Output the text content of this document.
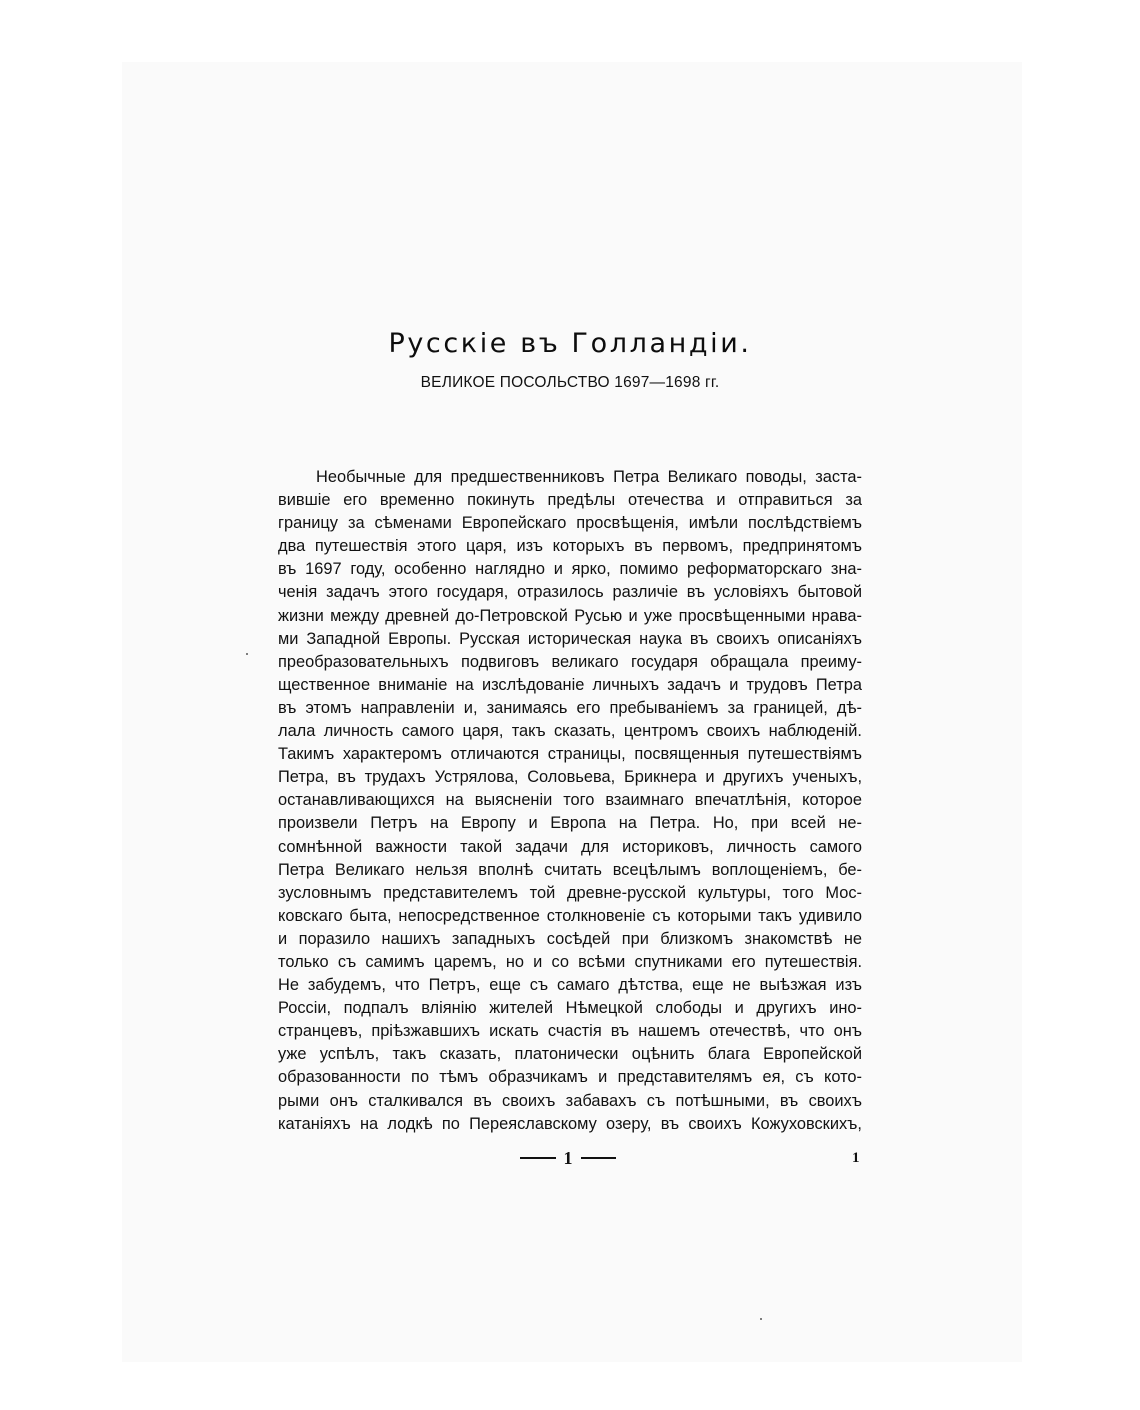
Русскіе въ Голландіи.
ВЕЛИКОЕ ПОСОЛЬСТВО 1697—1698 гг.
Необычные для предшественниковъ Петра Великаго поводы, заста-
вившіе его временно покинуть предѣлы отечества и отправиться за
границу за сѣменами Европейскаго просвѣщенія, имѣли послѣдствіемъ
два путешествія этого царя, изъ которыхъ въ первомъ, предпринятомъ
въ 1697 году, особенно наглядно и ярко, помимо реформаторскаго зна-
ченія задачъ этого государя, отразилось различіе въ условіяхъ бытовой
жизни между древней до-Петровской Русью и уже просвѣщенными нрава-
ми Западной Европы. Русская историческая наука въ своихъ описаніяхъ
преобразовательныхъ подвиговъ великаго государя обращала преиму-
щественное вниманіе на изслѣдованіе личныхъ задачъ и трудовъ Петра
въ этомъ направленіи и, занимаясь его пребываніемъ за границей, дѣ-
лала личность самого царя, такъ сказать, центромъ своихъ наблюденій.
Такимъ характеромъ отличаются страницы, посвященныя путешествіямъ
Петра, въ трудахъ Устрялова, Соловьева, Брикнера и другихъ ученыхъ,
останавливающихся на выясненіи того взаимнаго впечатлѣнія, которое
произвели Петръ на Европу и Европа на Петра. Но, при всей не-
сомнѣнной важности такой задачи для историковъ, личность самого
Петра Великаго нельзя вполнѣ считать всецѣлымъ воплощеніемъ, бе-
зусловнымъ представителемъ той древне-русской культуры, того Мос-
ковскаго быта, непосредственное столкновеніе съ которыми такъ удивило
и поразило нашихъ западныхъ сосѣдей при близкомъ знакомствѣ не
только съ самимъ царемъ, но и со всѣми спутниками его путешествія.
Не забудемъ, что Петръ, еще съ самаго дѣтства, еще не выѣзжая изъ
Россіи, подпалъ вліянію жителей Нѣмецкой слободы и другихъ ино-
странцевъ, пріѣзжавшихъ искать счастія въ нашемъ отечествѣ, что онъ
уже успѣлъ, такъ сказать, платонически оцѣнить блага Европейской
образованности по тѣмъ образчикамъ и представителямъ ея, съ кото-
рыми онъ сталкивался въ своихъ забавахъ съ потѣшными, въ своихъ
катаніяхъ на лодкѣ по Переяславскому озеру, въ своихъ Кожуховскихъ,
1	1
